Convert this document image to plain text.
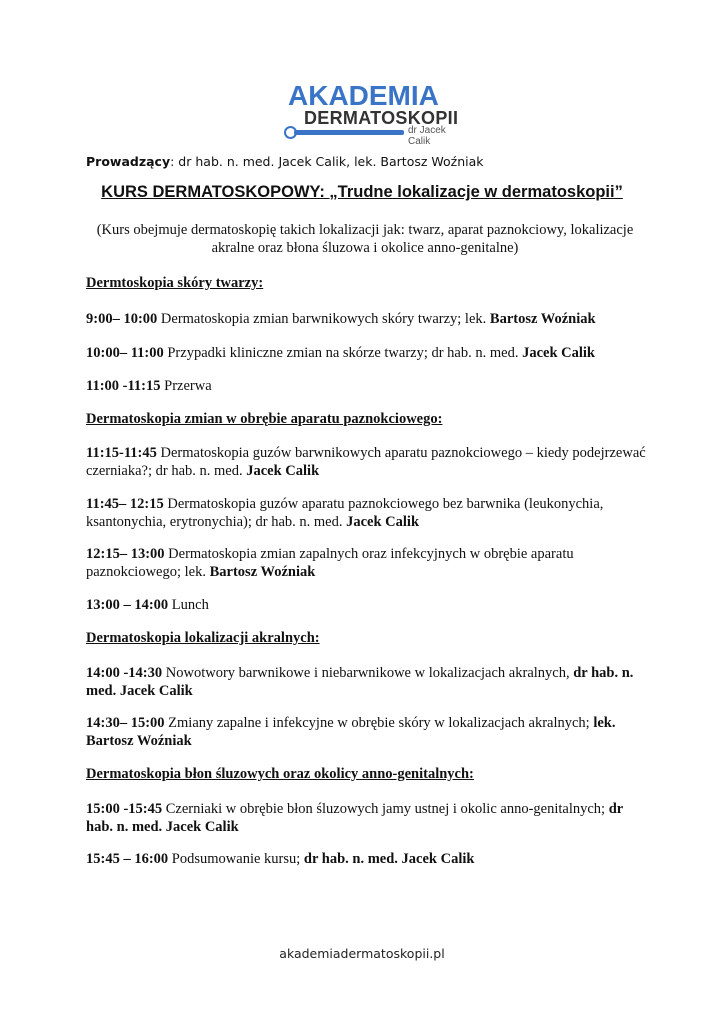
AKADEMIA
DERMATOSKOPII
dr Jacek Calik
Prowadzący: dr hab. n. med. Jacek Calik, lek. Bartosz Woźniak
KURS DERMATOSKOPOWY: „Trudne lokalizacje w dermatoskopii”
(Kurs obejmuje dermatoskopię takich lokalizacji jak: twarz, aparat paznokciowy, lokalizacje akralne oraz błona śluzowa i okolice anno-genitalne)
Dermtoskopia skóry twarzy:
9:00– 10:00 Dermatoskopia zmian barwnikowych skóry twarzy; lek. Bartosz Woźniak
10:00– 11:00 Przypadki kliniczne zmian na skórze twarzy; dr hab. n. med. Jacek Calik
11:00 -11:15 Przerwa
Dermatoskopia zmian w obrębie aparatu paznokciowego:
11:15-11:45 Dermatoskopia guzów barwnikowych aparatu paznokciowego – kiedy podejrzewać czerniaka?; dr hab. n. med. Jacek Calik
11:45– 12:15 Dermatoskopia guzów aparatu paznokciowego bez barwnika (leukonychia, ksantonychia, erytronychia); dr hab. n. med. Jacek Calik
12:15– 13:00 Dermatoskopia zmian zapalnych oraz infekcyjnych w obrębie aparatu paznokciowego; lek. Bartosz Woźniak
13:00 – 14:00 Lunch
Dermatoskopia lokalizacji akralnych:
14:00 -14:30 Nowotwory barwnikowe i niebarwnikowe w lokalizacjach akralnych, dr hab. n. med. Jacek Calik
14:30– 15:00 Zmiany zapalne i infekcyjne w obrębie skóry w lokalizacjach akralnych; lek. Bartosz Woźniak
Dermatoskopia błon śluzowych oraz okolicy anno-genitalnych:
15:00 -15:45 Czerniaki w obrębie błon śluzowych jamy ustnej i okolic anno-genitalnych; dr hab. n. med. Jacek Calik
15:45 – 16:00 Podsumowanie kursu; dr hab. n. med. Jacek Calik
akademiadermatoskopii.pl
